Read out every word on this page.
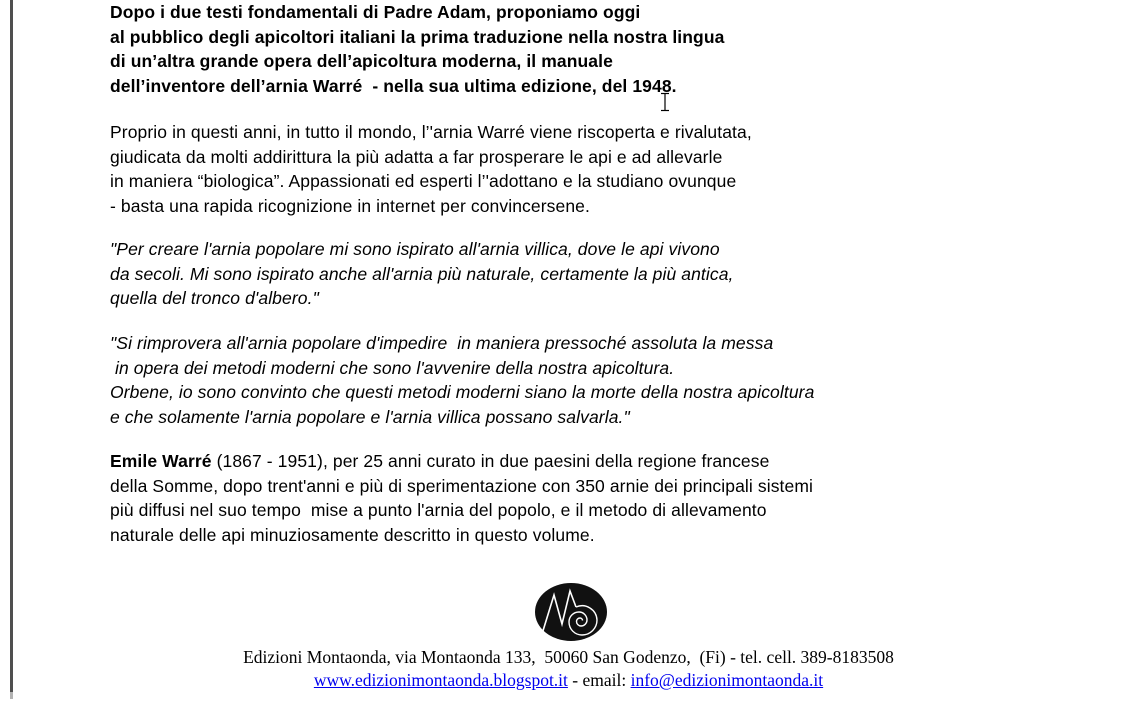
Dopo i due testi fondamentali di Padre Adam, proponiamo oggi
al pubblico degli apicoltori italiani la prima traduzione nella nostra lingua
di un’altra grande opera dell’apicoltura moderna, il manuale
dell’inventore dell’arnia Warré  - nella sua ultima edizione, del 1948.
Proprio in questi anni, in tutto il mondo, l’'arnia Warré viene riscoperta e rivalutata,
giudicata da molti addirittura la più adatta a far prosperare le api e ad allevarle
in maniera “biologica”. Appassionati ed esperti l’'adottano e la studiano ovunque
- basta una rapida ricognizione in internet per convincersene.
"Per creare l'arnia popolare mi sono ispirato all'arnia villica, dove le api vivono
da secoli. Mi sono ispirato anche all'arnia più naturale, certamente la più antica,
quella del tronco d'albero."
"Si rimprovera all'arnia popolare d'impedire  in maniera pressoché assoluta la messa
in opera dei metodi moderni che sono l'avvenire della nostra apicoltura.
Orbene, io sono convinto che questi metodi moderni siano la morte della nostra apicoltura
e che solamente l'arnia popolare e l'arnia villica possano salvarla."
Emile Warré (1867 - 1951), per 25 anni curato in due paesini della regione francese
della Somme, dopo trent'anni e più di sperimentazione con 350 arnie dei principali sistemi
più diffusi nel suo tempo  mise a punto l'arnia del popolo, e il metodo di allevamento
naturale delle api minuziosamente descritto in questo volume.
Edizioni Montaonda, via Montaonda 133,  50060 San Godenzo,  (Fi) - tel. cell. 389-8183508
www.edizionimontaonda.blogspot.it - email: info@edizionimontaonda.it
